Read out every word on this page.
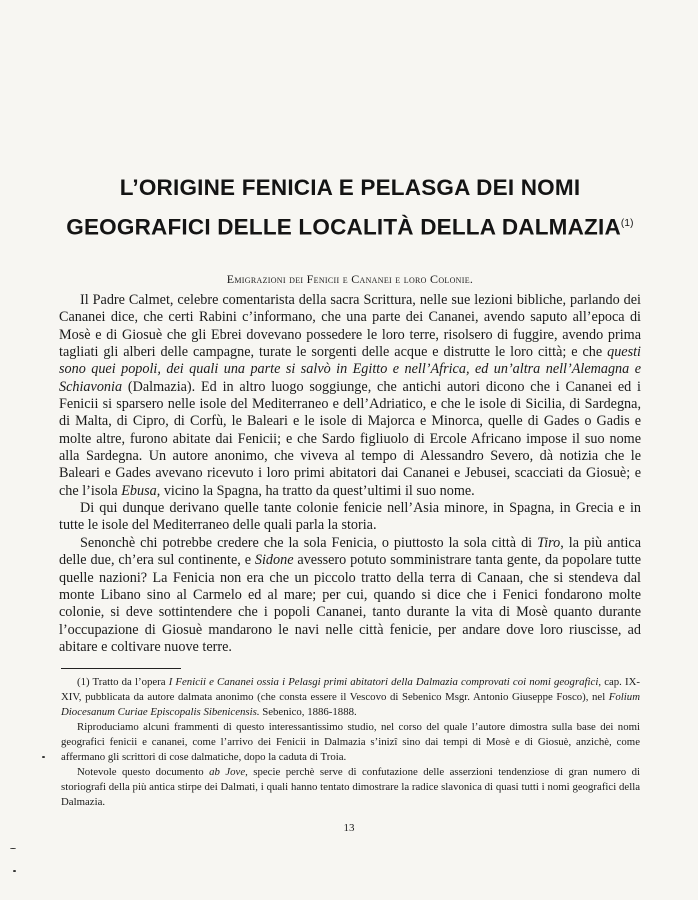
L’ORIGINE FENICIA E PELASGA DEI NOMI
GEOGRAFICI DELLE LOCALITÀ DELLA DALMAZIA$^{(1)}$
Emigrazioni dei Fenicii e Cananei e loro Colonie.

Il Padre Calmet, celebre comentarista della sacra Scrittura, nelle sue lezioni bibliche, parlando dei Cananei dice, che certi Rabini c’informano, che una parte dei Cananei, avendo saputo all’epoca di Mosè e di Giosuè che gli Ebrei dovevano possedere le loro terre, risolsero di fuggire, avendo prima tagliati gli alberi delle campagne, turate le sorgenti delle acque e distrutte le loro città; e che questi sono quei popoli, dei quali una parte si salvò in Egitto e nell’Africa, ed un’altra nell’Alemagna e Schiavonia (Dalmazia). Ed in altro luogo soggiunge, che antichi autori dicono che i Cananei ed i Fenicii si sparsero nelle isole del Mediterraneo e dell’Adriatico, e che le isole di Sicilia, di Sardegna, di Malta, di Cipro, di Corfù, le Baleari e le isole di Majorca e Minorca, quelle di Gades o Gadis e molte altre, furono abitate dai Fenicii; e che Sardo figliuolo di Ercole Africano impose il suo nome alla Sardegna. Un autore anonimo, che viveva al tempo di Alessandro Severo, dà notizia che le Baleari e Gades avevano ricevuto i loro primi abitatori dai Cananei e Jebusei, scacciati da Giosuè; e che l’isola Ebusa, vicino la Spagna, ha tratto da quest’ultimi il suo nome.

Di qui dunque derivano quelle tante colonie fenicie nell’Asia minore, in Spagna, in Grecia e in tutte le isole del Mediterraneo delle quali parla la storia.

Senonchè chi potrebbe credere che la sola Fenicia, o piuttosto la sola città di Tiro, la più antica delle due, ch’era sul continente, e Sidone avessero potuto somministrare tanta gente, da popolare tutte quelle nazioni? La Fenicia non era che un piccolo tratto della terra di Canaan, che si stendeva dal monte Libano sino al Carmelo ed al mare; per cui, quando si dice che i Fenici fondarono molte colonie, si deve sottintendere che i popoli Cananei, tanto durante la vita di Mosè quanto durante l’occupazione di Giosuè mandarono le navi nelle città fenicie, per andare dove loro riuscisse, ad abitare e coltivare nuove terre.

(1) Tratto da l’opera I Fenicii e Cananei ossia i Pelasgi primi abitatori della Dalmazia comprovati coi nomi geografici, cap. IX-XIV, pubblicata da autore dalmata anonimo (che consta essere il Vescovo di Sebenico Msgr. Antonio Giuseppe Fosco), nel Folium Diocesanum Curiae Episcopalis Sibenicensis. Sebenico, 1886-1888.

Riproduciamo alcuni frammenti di questo interessantissimo studio, nel corso del quale l’autore dimostra sulla base dei nomi geografici fenicii e cananei, come l’arrivo dei Fenicii in Dalmazia s’inizî sino dai tempi di Mosè e di Giosuè, anzichè, come affermano gli scrittori di cose dalmatiche, dopo la caduta di Troia.

Notevole questo documento ab Jove, specie perchè serve di confutazione delle asserzioni tendenziose di gran numero di storiografi della più antica stirpe dei Dalmati, i quali hanno tentato dimostrare la radice slavonica di quasi tutti i nomi geografici della Dalmazia.

13
